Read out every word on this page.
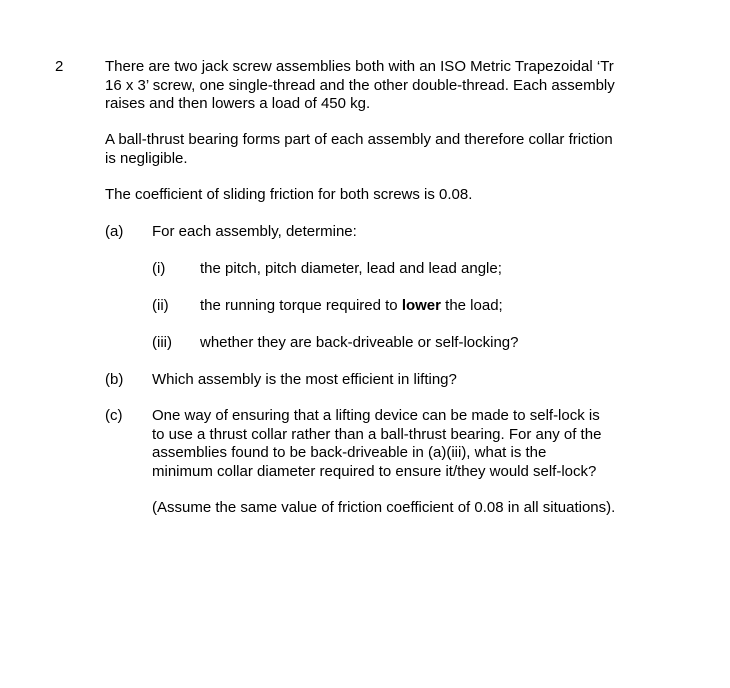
2	There are two jack screw assemblies both with an ISO Metric Trapezoidal ‘Tr
16 x 3’ screw, one single-thread and the other double-thread. Each assembly
raises and then lowers a load of 450 kg.
A ball-thrust bearing forms part of each assembly and therefore collar friction
is negligible.
The coefficient of sliding friction for both screws is 0.08.
(a) For each assembly, determine:
(i) the pitch, pitch diameter, lead and lead angle;
(ii) the running torque required to lower the load;
(iii) whether they are back-driveable or self-locking?
(b) Which assembly is the most efficient in lifting?
(c) One way of ensuring that a lifting device can be made to self-lock is
to use a thrust collar rather than a ball-thrust bearing. For any of the
assemblies found to be back-driveable in (a)(iii), what is the
minimum collar diameter required to ensure it/they would self-lock?
(Assume the same value of friction coefficient of 0.08 in all situations).
